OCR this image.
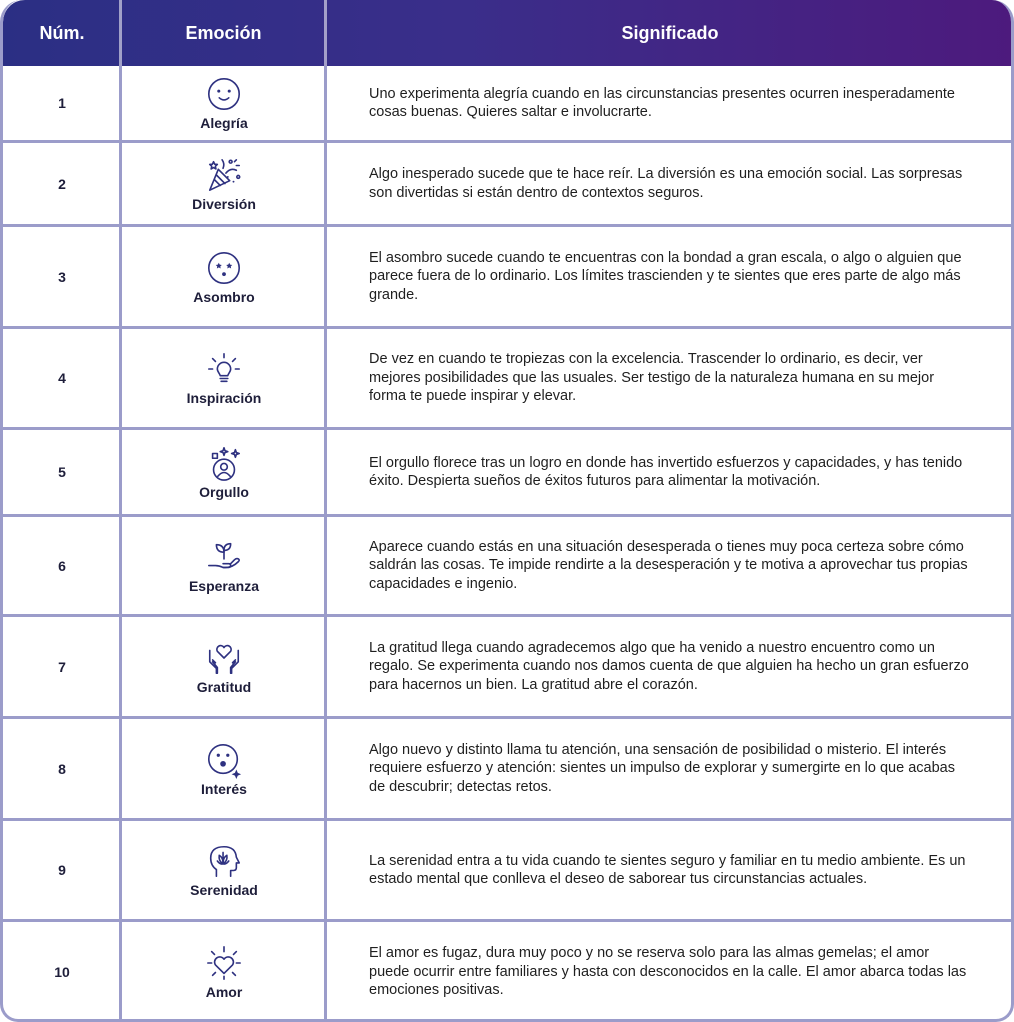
Núm.	Emoción	Significado
1
Alegría
Uno experimenta alegría cuando en las circunstancias presentes ocurren inesperadamente cosas buenas. Quieres saltar e involucrarte.
2
Diversión
Algo inesperado sucede que te hace reír. La diversión es una emoción social. Las sorpresas son divertidas si están dentro de contextos seguros.
3
Asombro
El asombro sucede cuando te encuentras con la bondad a gran escala, o algo o alguien que parece fuera de lo ordinario. Los límites trascienden y te sientes que eres parte de algo más grande.
4
Inspiración
De vez en cuando te tropiezas con la excelencia. Trascender lo ordinario, es decir, ver mejores posibilidades que las usuales. Ser testigo de la naturaleza humana en su mejor forma te puede inspirar y elevar.
5
Orgullo
El orgullo florece tras un logro en donde has invertido esfuerzos y capacidades, y has tenido éxito. Despierta sueños de éxitos futuros para alimentar la motivación.
6
Esperanza
Aparece cuando estás en una situación desesperada o tienes muy poca certeza sobre cómo saldrán las cosas. Te impide rendirte a la desesperación y te motiva a aprovechar tus propias capacidades e ingenio.
7
Gratitud
La gratitud llega cuando agradecemos algo que ha venido a nuestro encuentro como un regalo. Se experimenta cuando nos damos cuenta de que alguien ha hecho un gran esfuerzo para hacernos un bien. La gratitud abre el corazón.
8
Interés
Algo nuevo y distinto llama tu atención, una sensación de posibilidad o misterio. El interés requiere esfuerzo y atención: sientes un impulso de explorar y sumergirte en lo que acabas de descubrir; detectas retos.
9
Serenidad
La serenidad entra a tu vida cuando te sientes seguro y familiar en tu medio ambiente. Es un estado mental que conlleva el deseo de saborear tus circunstancias actuales.
10
Amor
El amor es fugaz, dura muy poco y no se reserva solo para las almas gemelas; el amor puede ocurrir entre familiares y hasta con desconocidos en la calle. El amor abarca todas las emociones positivas.
